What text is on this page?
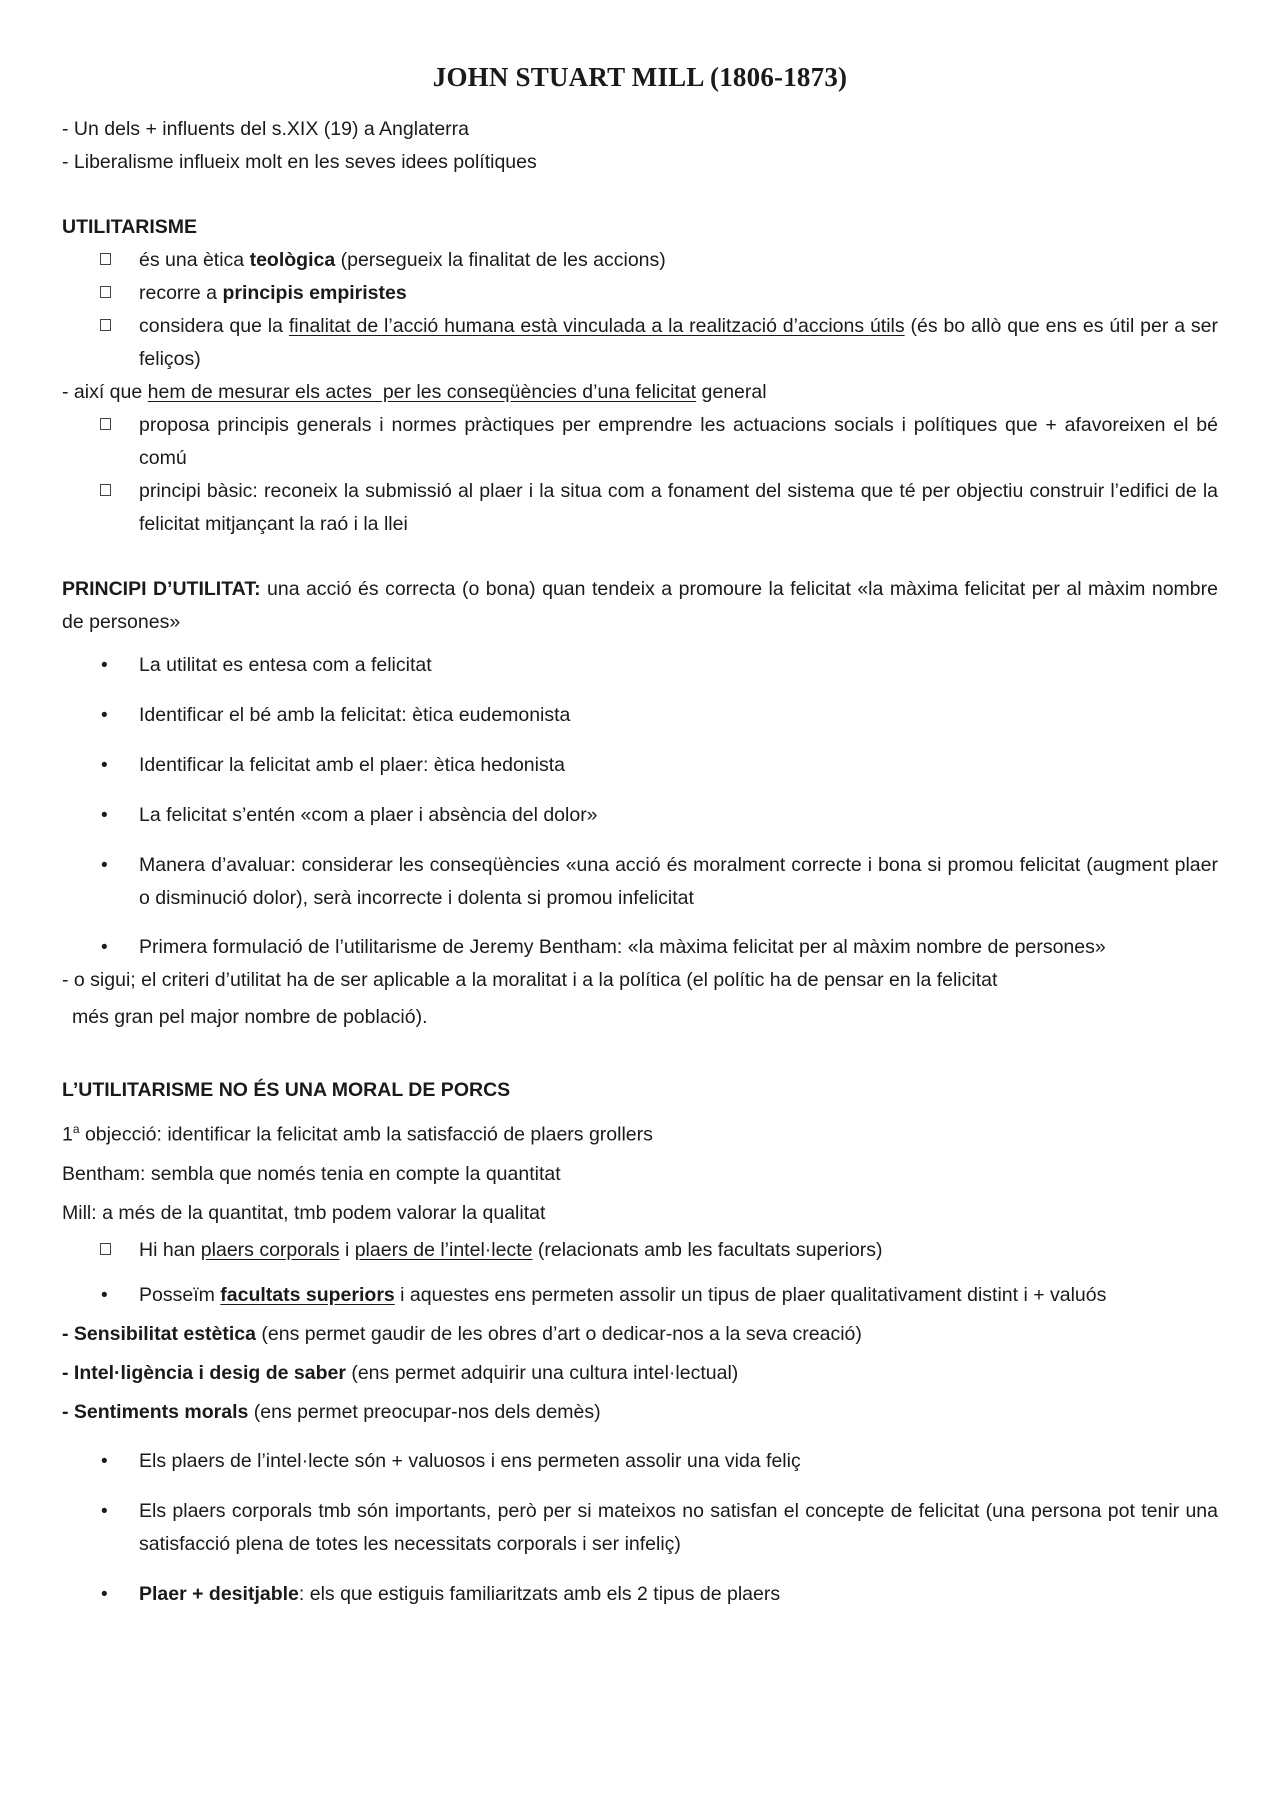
JOHN STUART MILL (1806-1873)

- Un dels + influents del s.XIX (19) a Anglaterra

- Liberalisme influeix molt en les seves idees polítiques

UTILITARISME
és una ètica teològica (persegueix la finalitat de les accions)
recorre a principis empiristes
considera que la finalitat de l’acció humana està vinculada a la realització d’accions útils (és bo allò que ens es útil per a ser feliços)

- així que hem de mesurar els actes  per les conseqüències d’una felicitat general

proposa principis generals i normes pràctiques per emprendre les actuacions socials i polítiques que + afavoreixen el bé comú
principi bàsic: reconeix la submissió al plaer i la situa com a fonament del sistema que té per objectiu construir l’edifici de la felicitat mitjançant la raó i la llei

PRINCIPI D’UTILITAT: una acció és correcta (o bona) quan tendeix a promoure la felicitat «la màxima felicitat per al màxim nombre de persones»

• La utilitat es entesa com a felicitat
• Identificar el bé amb la felicitat: ètica eudemonista
• Identificar la felicitat amb el plaer: ètica hedonista
• La felicitat s’entén «com a plaer i absència del dolor»
• Manera d’avaluar: considerar les conseqüències «una acció és moralment correcte i bona si promou felicitat (augment plaer o disminució dolor), serà incorrecte i dolenta si promou infelicitat
• Primera formulació de l’utilitarisme de Jeremy Bentham: «la màxima felicitat per al màxim nombre de persones»

- o sigui; el criteri d’utilitat ha de ser aplicable a la moralitat i a la política (el polític ha de pensar en la felicitat

més gran pel major nombre de població).

L’UTILITARISME NO ÉS UNA MORAL DE PORCS

1$^a$ objecció: identificar la felicitat amb la satisfacció de plaers grollers

Bentham: sembla que només tenia en compte la quantitat

Mill: a més de la quantitat, tmb podem valorar la qualitat

Hi han plaers corporals i plaers de l’intel·lecte (relacionats amb les facultats superiors)
• Posseïm facultats superiors i aquestes ens permeten assolir un tipus de plaer qualitativament distint i + valuós

- Sensibilitat estètica (ens permet gaudir de les obres d’art o dedicar-nos a la seva creació)

- Intel·ligència i desig de saber (ens permet adquirir una cultura intel·lectual)

- Sentiments morals (ens permet preocupar-nos dels demès)

• Els plaers de l’intel·lecte són + valuosos i ens permeten assolir una vida feliç
• Els plaers corporals tmb són importants, però per si mateixos no satisfan el concepte de felicitat (una persona pot tenir una satisfacció plena de totes les necessitats corporals i ser infeliç)
• Plaer + desitjable: els que estiguis familiaritzats amb els 2 tipus de plaers
